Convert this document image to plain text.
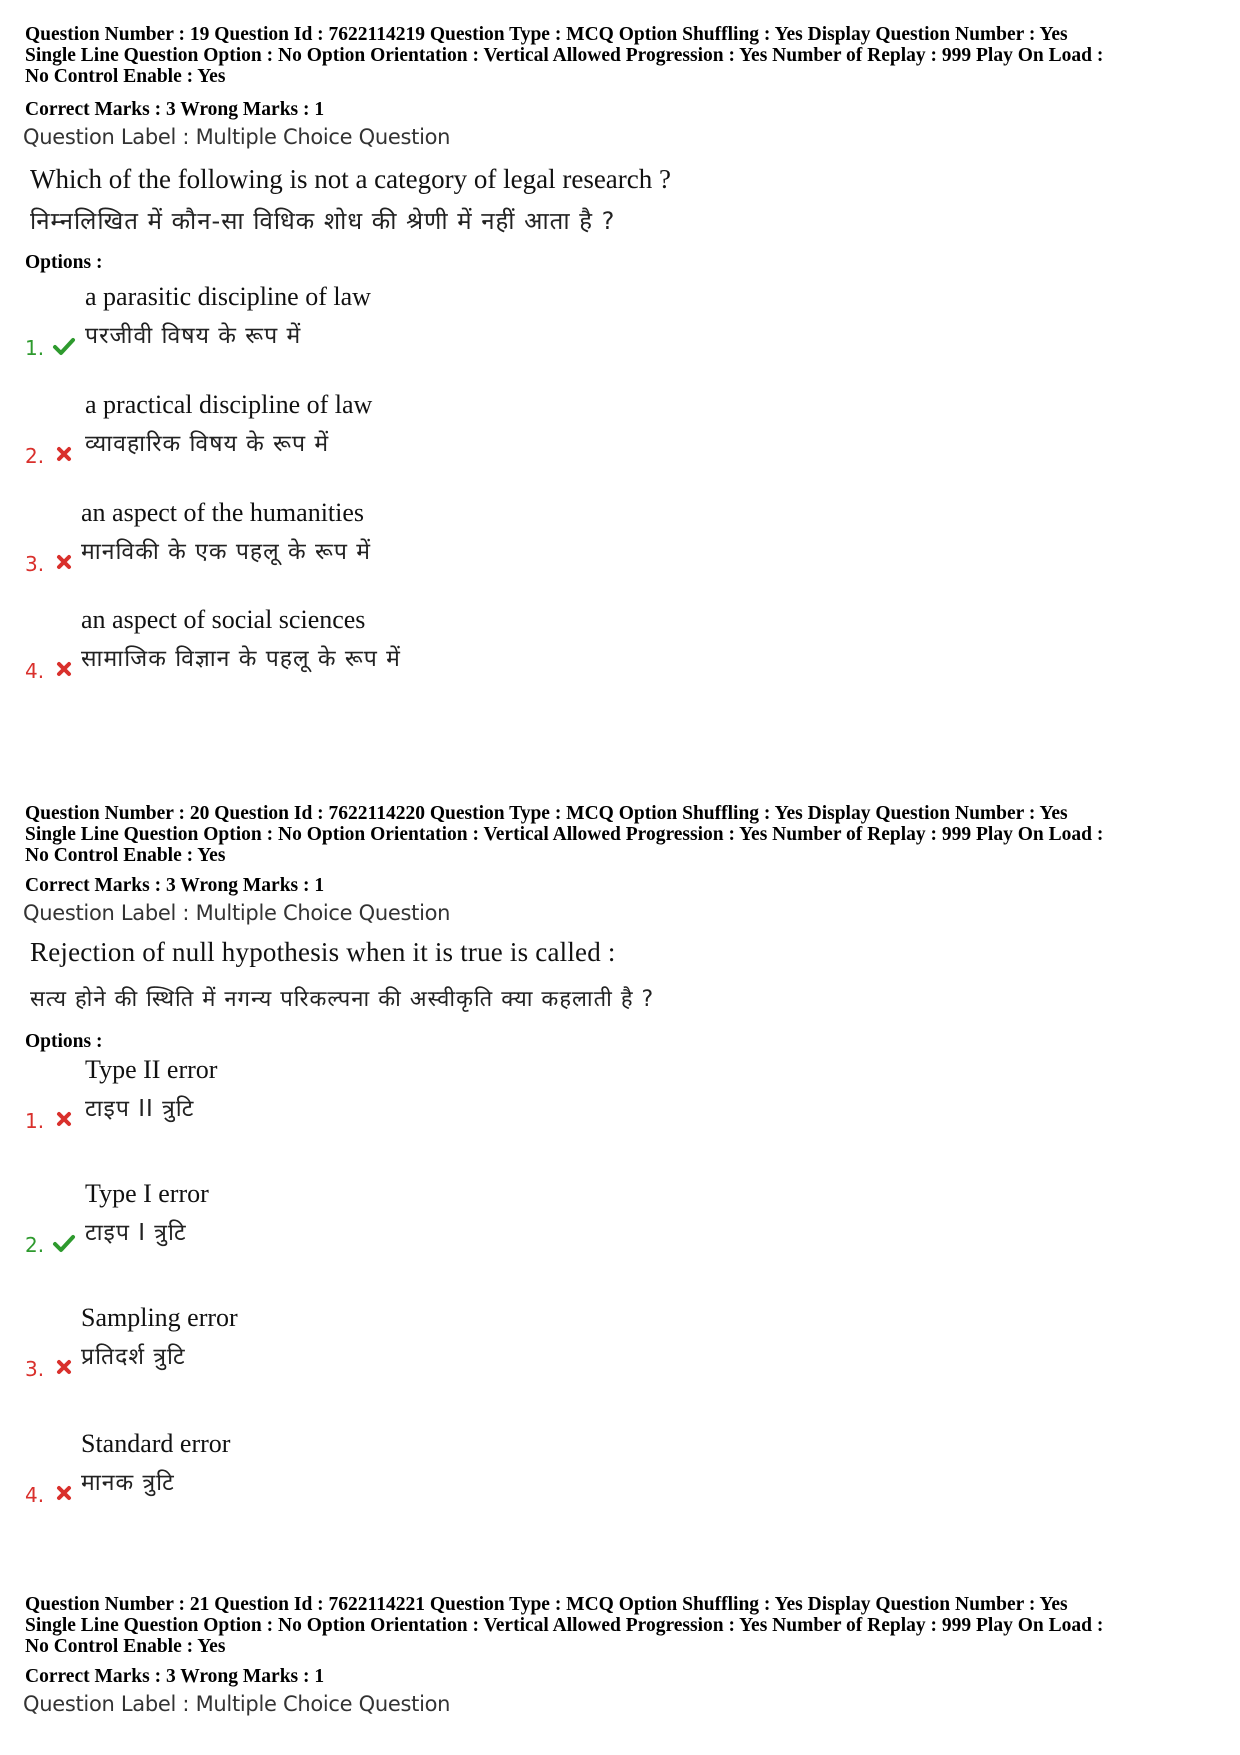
Question Number : 19 Question Id : 7622114219 Question Type : MCQ Option Shuffling : Yes Display Question Number : Yes

Single Line Question Option : No Option Orientation : Vertical Allowed Progression : Yes Number of Replay : 999 Play On Load :

No Control Enable : Yes

Correct Marks : 3 Wrong Marks : 1
Question Label : Multiple Choice Question
Which of the following is not a category of legal research ?
निम्नलिखित में कौन-सा विधिक शोध की श्रेणी में नहीं आता है ?
Options :
a parasitic discipline of law
परजीवी विषय के रूप में
1.
a practical discipline of law
व्यावहारिक विषय के रूप में
2.
an aspect of the humanities
मानविकी के एक पहलू के रूप में
3.
an aspect of social sciences
सामाजिक विज्ञान के पहलू के रूप में
4.

Question Number : 20 Question Id : 7622114220 Question Type : MCQ Option Shuffling : Yes Display Question Number : Yes

Single Line Question Option : No Option Orientation : Vertical Allowed Progression : Yes Number of Replay : 999 Play On Load :

No Control Enable : Yes

Correct Marks : 3 Wrong Marks : 1
Question Label : Multiple Choice Question
Rejection of null hypothesis when it is true is called :
सत्य होने की स्थिति में नगन्य परिकल्पना की अस्वीकृति क्या कहलाती है ?
Options :
Type II error
टाइप II त्रुटि
1.
Type I error
टाइप I त्रुटि
2.
Sampling error
प्रतिदर्श त्रुटि
3.
Standard error
मानक त्रुटि
4.

Question Number : 21 Question Id : 7622114221 Question Type : MCQ Option Shuffling : Yes Display Question Number : Yes

Single Line Question Option : No Option Orientation : Vertical Allowed Progression : Yes Number of Replay : 999 Play On Load :

No Control Enable : Yes

Correct Marks : 3 Wrong Marks : 1
Question Label : Multiple Choice Question
